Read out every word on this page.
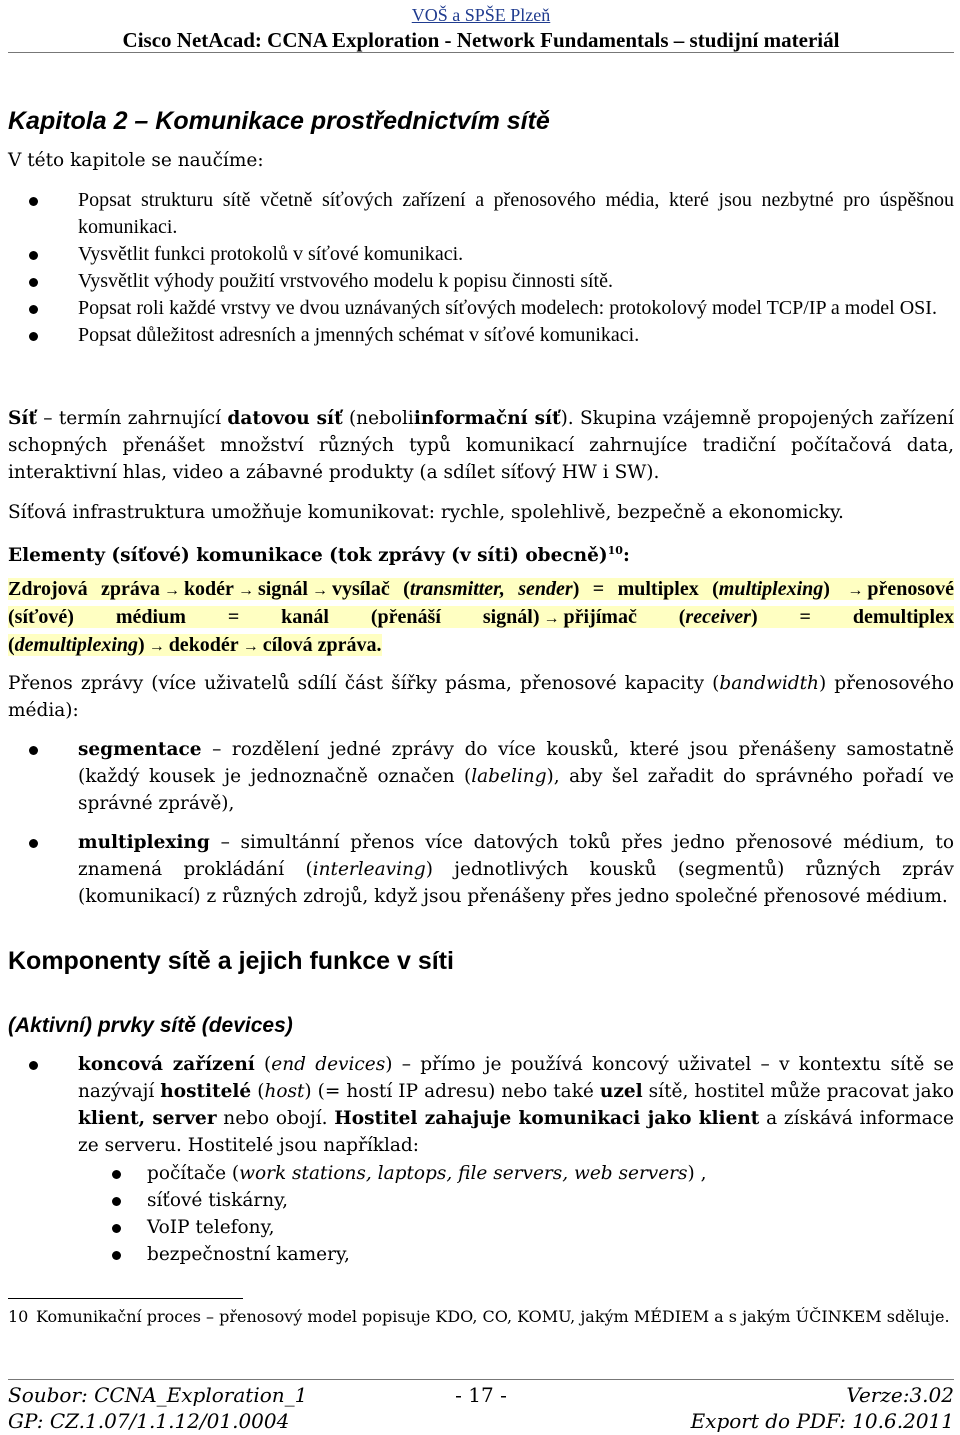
VOŠ a SPŠE Plzeň
Cisco NetAcad: CCNA Exploration - Network Fundamentals – studijní materiál
Kapitola 2 – Komunikace prostřednictvím sítě

V této kapitole se naučíme:

Popsat strukturu sítě včetně síťových zařízení a přenosového média, které jsou nezbytné pro úspěšnou komunikaci.
Vysvětlit funkci protokolů v síťové komunikaci.
Vysvětlit výhody použití vrstvového modelu k popisu činnosti sítě.
Popsat roli každé vrstvy ve dvou uznávaných síťových modelech: protokolový model TCP/IP a model OSI.
Popsat důležitost adresních a jmenných schémat v síťové komunikaci.

Síť – termín zahrnující datovou síť (neboliinformační síť). Skupina vzájemně propojených zařízení schopných přenášet množství různých typů komunikací zahrnujíce tradiční počítačová data, interaktivní hlas, video a zábavné produkty (a sdílet síťový HW i SW).

Síťová infrastruktura umožňuje komunikovat: rychle, spolehlivě, bezpečně a ekonomicky.

Elementy (síťové) komunikace (tok zprávy (v síti) obecně)$^{10}$:

Zdrojová zpráva → kodér → signál → vysílač (transmitter, sender) = multiplex (multiplexing) → přenosové (síťové) médium = kanál (přenáší signál) → přijímač (receiver) = demultiplex (demultiplexing) → dekodér → cílová zpráva.

Přenos zprávy (více uživatelů sdílí část šířky pásma, přenosové kapacity (bandwidth) přenosového média):

segmentace – rozdělení jedné zprávy do více kousků, které jsou přenášeny samostatně (každý kousek je jednoznačně označen (labeling), aby šel zařadit do správného pořadí ve správné zprávě),
multiplexing – simultánní přenos více datových toků přes jedno přenosové médium, to znamená prokládání (interleaving) jednotlivých kousků (segmentů) různých zpráv (komunikací) z různých zdrojů, když jsou přenášeny přes jedno společné přenosové médium.
Komponenty sítě a jejich funkce v síti
(Aktivní) prvky sítě (devices)
koncová zařízení (end devices) – přímo je používá koncový uživatel – v kontextu sítě se nazývají hostitelé (host) (= hostí IP adresu) nebo také uzel sítě, hostitel může pracovat jako klient, server nebo obojí. Hostitel zahajuje komunikaci jako klient a získává informace ze serveru. Hostitelé jsou například:
počítače (work stations, laptops, file servers, web servers) ,
síťové tiskárny,
VoIP telefony,
bezpečnostní kamery,
10 Komunikační proces – přenosový model popisuje KDO, CO, KOMU, jakým MÉDIEM a s jakým ÚČINKEM sděluje.
Soubor: CCNA_Exploration_1	- 17 -	Verze:3.02
GP: CZ.1.07/1.1.12/01.0004	Export do PDF: 10.6.2011
